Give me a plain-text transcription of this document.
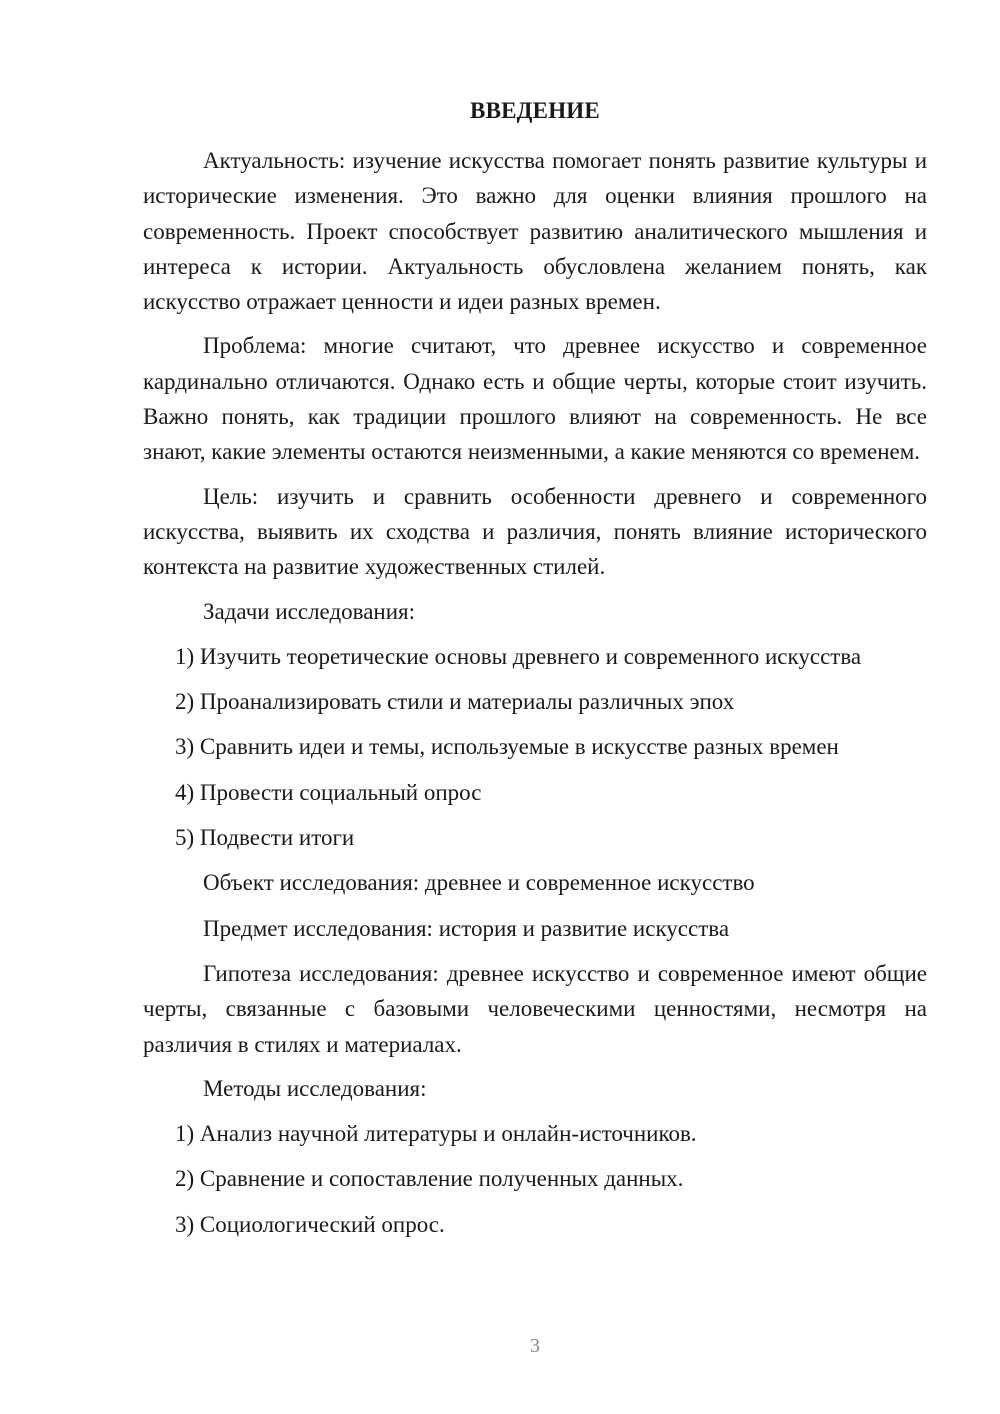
ВВЕДЕНИЕ

Актуальность: изучение искусства помогает понять развитие культуры и исторические изменения. Это важно для оценки влияния прошлого на современность. Проект способствует развитию аналитического мышления и интереса к истории. Актуальность обусловлена желанием понять, как искусство отражает ценности и идеи разных времен.

Проблема: многие считают, что древнее искусство и современное кардинально отличаются. Однако есть и общие черты, которые стоит изучить. Важно понять, как традиции прошлого влияют на современность. Не все знают, какие элементы остаются неизменными, а какие меняются со временем.

Цель: изучить и сравнить особенности древнего и современного искусства, выявить их сходства и различия, понять влияние исторического контекста на развитие художественных стилей.

Задачи исследования:
1) Изучить теоретические основы древнего и современного искусства
2) Проанализировать стили и материалы различных эпох
3) Сравнить идеи и темы, используемые в искусстве разных времен
4) Провести социальный опрос
5) Подвести итоги
Объект исследования: древнее и современное искусство
Предмет исследования: история и развитие искусства

Гипотеза исследования: древнее искусство и современное имеют общие черты, связанные с базовыми человеческими ценностями, несмотря на различия в стилях и материалах.

Методы исследования:
1) Анализ научной литературы и онлайн-источников.
2) Сравнение и сопоставление полученных данных.
3) Социологический опрос.
3
